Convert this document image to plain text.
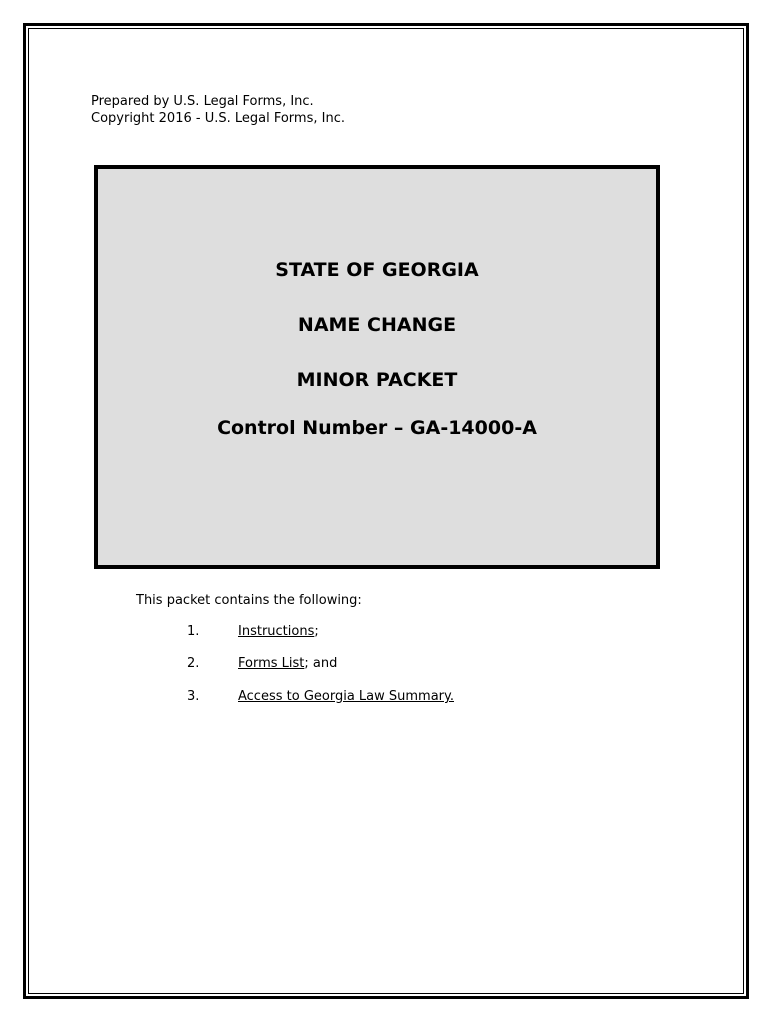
Prepared by U.S. Legal Forms, Inc.
Copyright 2016 - U.S. Legal Forms, Inc.
STATE OF GEORGIA
NAME CHANGE
MINOR PACKET
Control Number – GA-14000-A
This packet contains the following:
1.	Instructions;
2.	Forms List; and
3.	Access to Georgia Law Summary.
